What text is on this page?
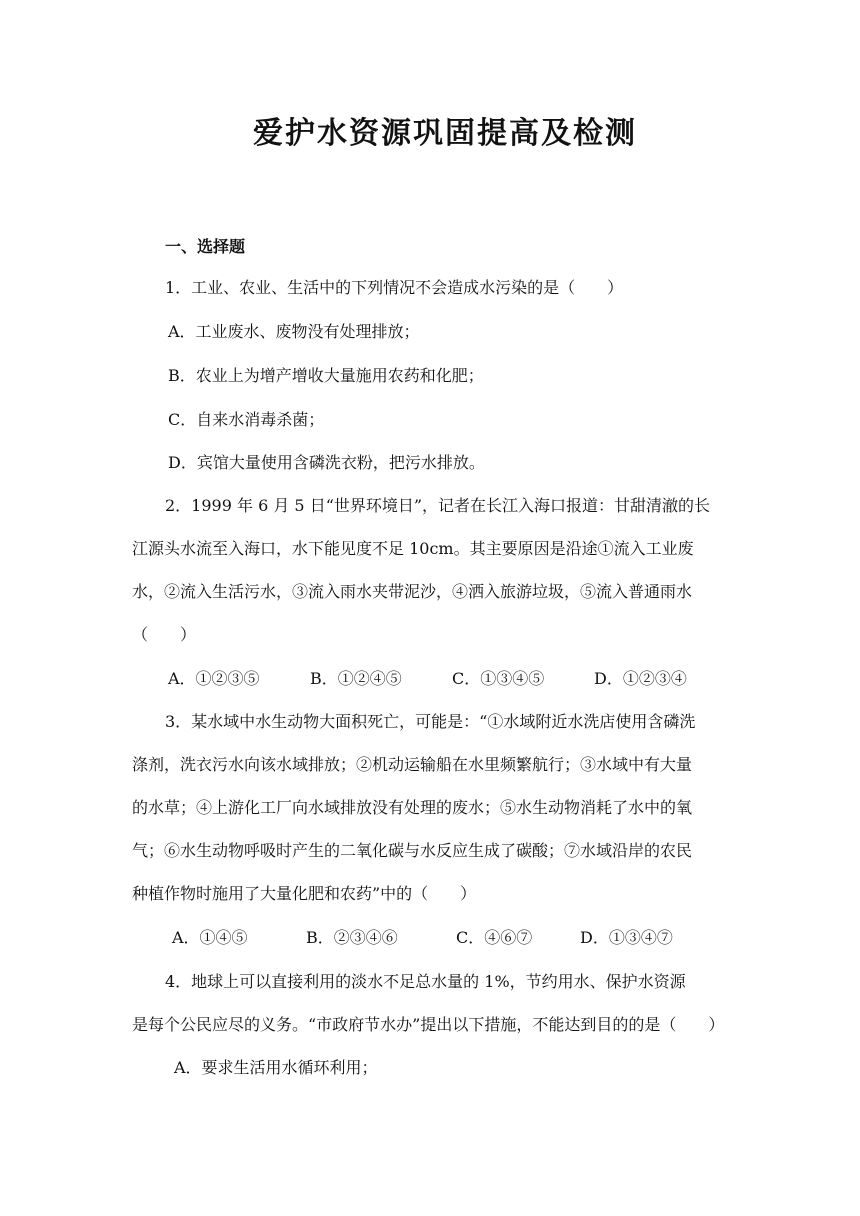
爱护水资源巩固提高及检测
一、选择题
1．工业、农业、生活中的下列情况不会造成水污染的是（　　）
A．工业废水、废物没有处理排放；
B．农业上为增产增收大量施用农药和化肥；
C．自来水消毒杀菌；
D．宾馆大量使用含磷洗衣粉，把污水排放。
2．1999 年 6 月 5 日“世界环境日”，记者在长江入海口报道：甘甜清澈的长
江源头水流至入海口，水下能见度不足 10cm。其主要原因是沿途①流入工业废
水，②流入生活污水，③流入雨水夹带泥沙，④洒入旅游垃圾，⑤流入普通雨水
（　　）
A．①②③⑤	B．①②④⑤	C．①③④⑤	D．①②③④
3．某水域中水生动物大面积死亡，可能是：“①水域附近水洗店使用含磷洗
涤剂，洗衣污水向该水域排放；②机动运输船在水里频繁航行；③水域中有大量
的水草；④上游化工厂向水域排放没有处理的废水；⑤水生动物消耗了水中的氧
气；⑥水生动物呼吸时产生的二氧化碳与水反应生成了碳酸；⑦水域沿岸的农民
种植作物时施用了大量化肥和农药”中的（　　）
A．①④⑤	B．②③④⑥	C．④⑥⑦	D．①③④⑦
4．地球上可以直接利用的淡水不足总水量的 1%，节约用水、保护水资源
是每个公民应尽的义务。“市政府节水办”提出以下措施，不能达到目的的是（　　）
A．要求生活用水循环利用；
